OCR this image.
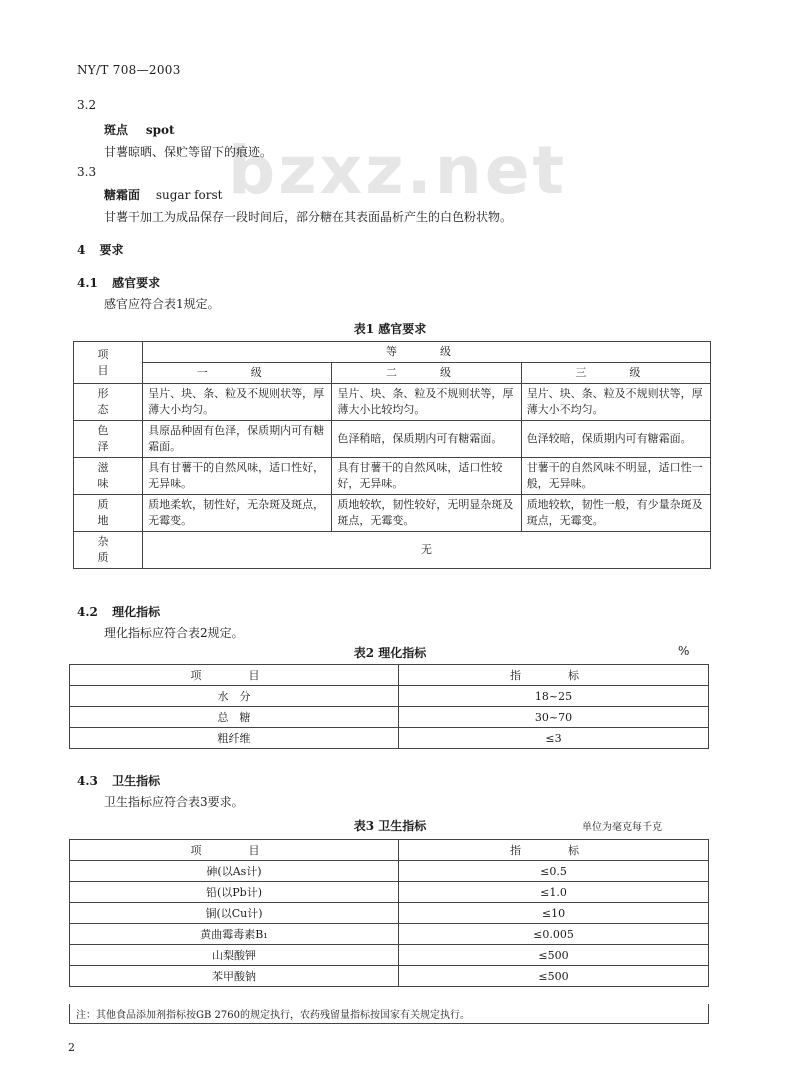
NY/T 708—2003
bzxz.net
3.2
斑点 spot
甘薯晾晒、保贮等留下的痕迹。
3.3
糖霜面 sugar forst
甘薯干加工为成品保存一段时间后，部分糖在其表面晶析产生的白色粉状物。
4 要求
4.1 感官要求
感官应符合表1规定。
表1 感官要求
项　目	等　级		
	一　级	二　级	三　级
形　态	呈片、块、条、粒及不规则状等，厚薄大小均匀。	呈片、块、条、粒及不规则状等，厚薄大小比较均匀。	呈片、块、条、粒及不规则状等，厚薄大小不均匀。
色　泽	具原品种固有色泽，保质期内可有糖霜面。	色泽稍暗，保质期内可有糖霜面。	色泽较暗，保质期内可有糖霜面。
滋　味	具有甘薯干的自然风味，适口性好，无异味。	具有甘薯干的自然风味，适口性较好，无异味。	甘薯干的自然风味不明显，适口性一般，无异味。
质　地	质地柔软，韧性好，无杂斑及斑点，无霉变。	质地较软，韧性较好，无明显杂斑及斑点，无霉变。	质地较软，韧性一般，有少量杂斑及斑点，无霉变。
杂　质	无		
4.2 理化指标
理化指标应符合表2规定。
表2 理化指标	%
项　目	指　标
水　分	18~25
总　糖	30~70
粗纤维	≤3
4.3 卫生指标
卫生指标应符合表3要求。
表3 卫生指标	单位为毫克每千克
项　目	指　标
砷(以As计)	≤0.5
铅(以Pb计)	≤1.0
铜(以Cu计)	≤10
黄曲霉毒素B₁	≤0.005
山梨酸钾	≤500
苯甲酸钠	≤500
注：其他食品添加剂指标按GB 2760的规定执行，农药残留量指标按国家有关规定执行。
2
